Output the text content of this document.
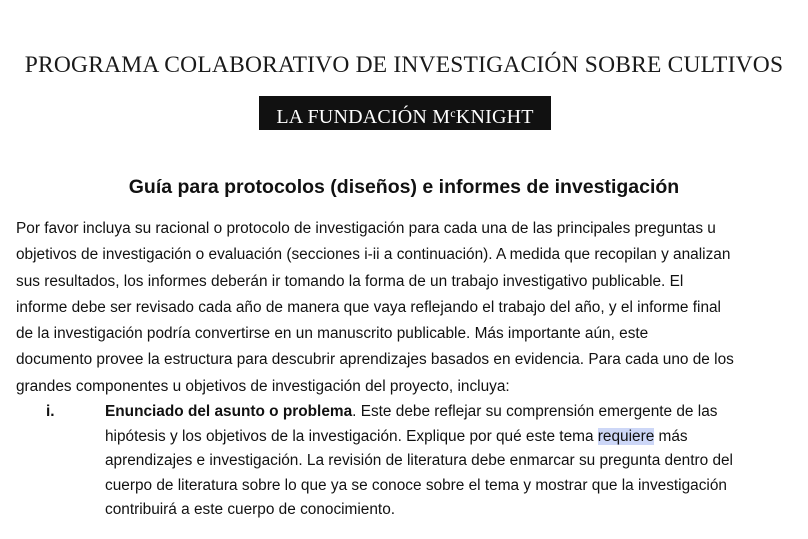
PROGRAMA COLABORATIVO DE INVESTIGACIÓN SOBRE CULTIVOS
LA FUNDACIÓN $M^cKNIGHT$
Guía para protocolos (diseños) e informes de investigación
Por favor incluya su racional o protocolo de investigación para cada una de las principales preguntas u
objetivos de investigación o evaluación (secciones i-ii a continuación). A medida que recopilan y analizan
sus resultados, los informes deberán ir tomando la forma de un trabajo investigativo publicable. El
informe debe ser revisado cada año de manera que vaya reflejando el trabajo del año, y el informe final
de la investigación podría convertirse en un manuscrito publicable. Más importante aún, este
documento provee la estructura para descubrir aprendizajes basados en evidencia. Para cada uno de los
grandes componentes u objetivos de investigación del proyecto, incluya:
i.	Enunciado del asunto o problema. Este debe reflejar su comprensión emergente de las
hipótesis y los objetivos de la investigación. Explique por qué este tema requiere más
aprendizajes e investigación. La revisión de literatura debe enmarcar su pregunta dentro del
cuerpo de literatura sobre lo que ya se conoce sobre el tema y mostrar que la investigación
contribuirá a este cuerpo de conocimiento.
